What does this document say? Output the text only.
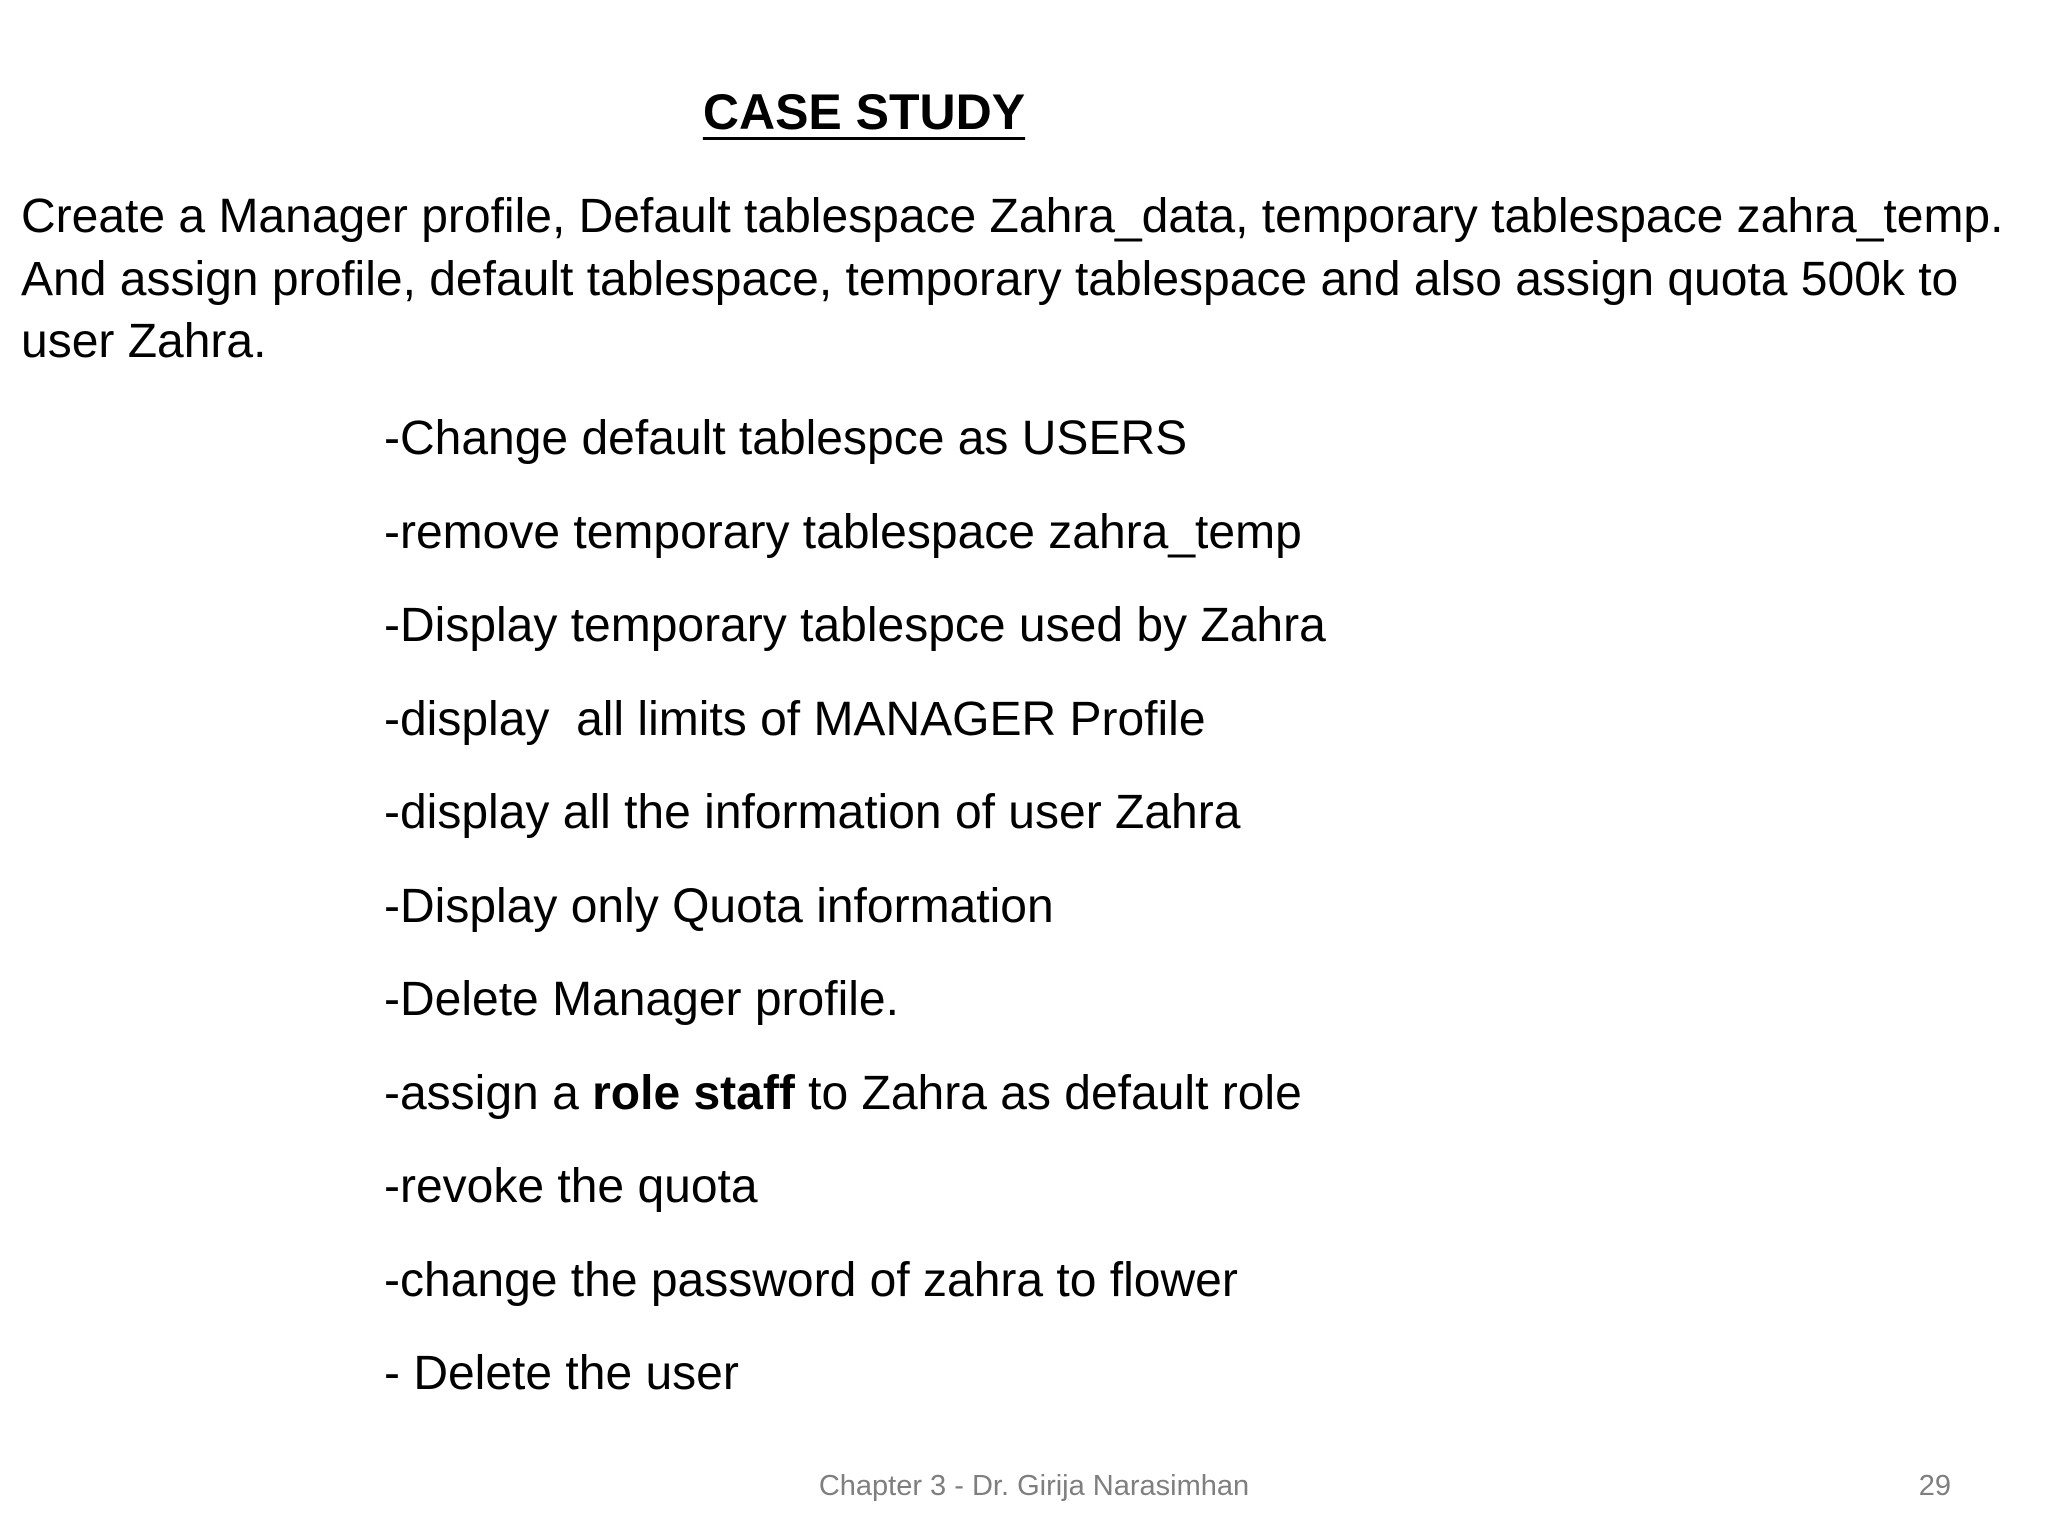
CASE STUDY

Create a Manager profile, Default tablespace Zahra_data, temporary tablespace zahra_temp. And assign profile, default tablespace, temporary tablespace and also assign quota 500k to user Zahra.

-Change default tablespce as USERS
-remove temporary tablespace zahra_temp
-Display temporary tablespce used by Zahra
-display  all limits of MANAGER Profile
-display all the information of user Zahra
-Display only Quota information
-Delete Manager profile.
-assign a role staff to Zahra as default role
-revoke the quota
-change the password of zahra to flower
- Delete the user
Chapter 3 - Dr. Girija Narasimhan	29
